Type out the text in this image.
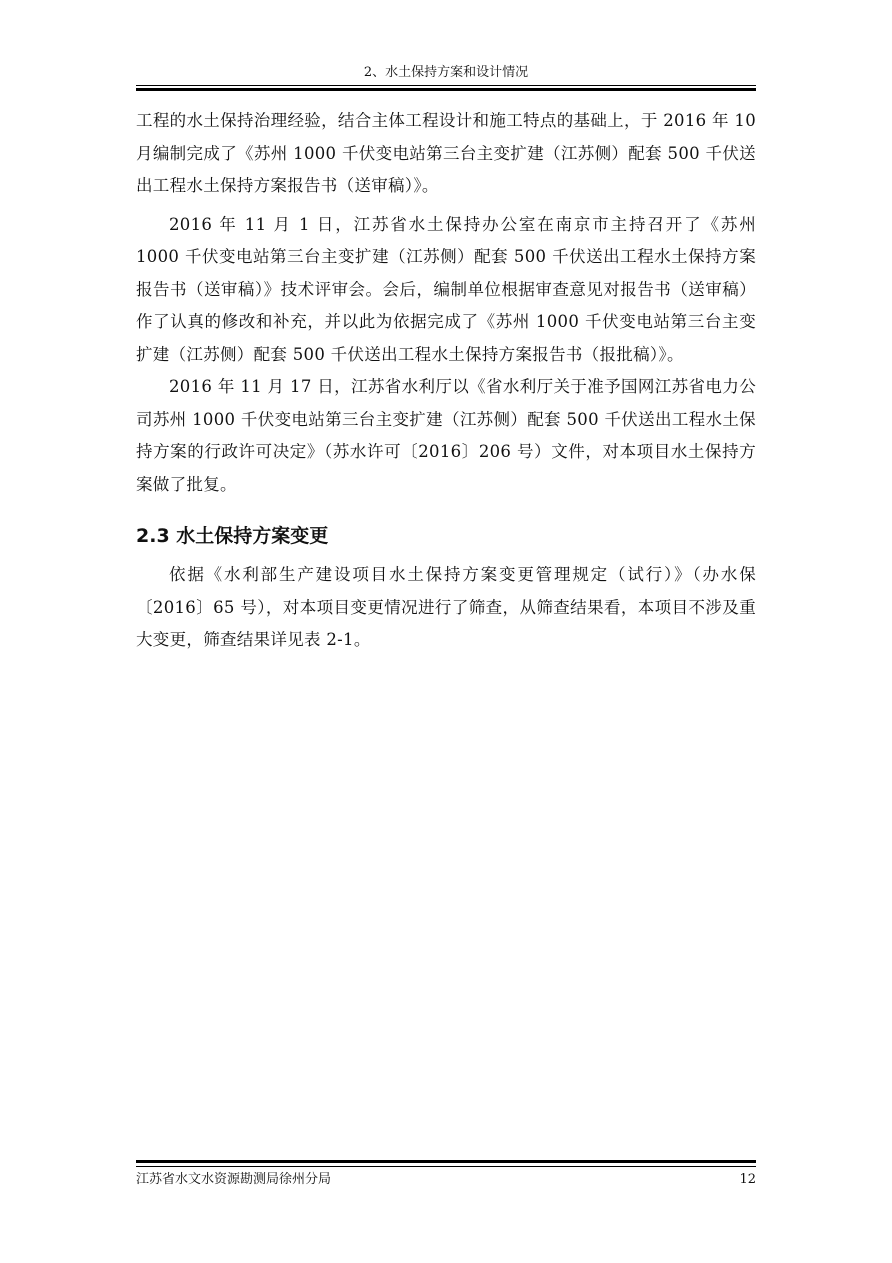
2、水土保持方案和设计情况

工程的水土保持治理经验，结合主体工程设计和施工特点的基础上，于 2016 年 10 月编制完成了《苏州 1000 千伏变电站第三台主变扩建（江苏侧）配套 500 千伏送出工程水土保持方案报告书（送审稿）》。

2016 年 11 月 1 日，江苏省水土保持办公室在南京市主持召开了《苏州 1000 千伏变电站第三台主变扩建（江苏侧）配套 500 千伏送出工程水土保持方案报告书（送审稿）》技术评审会。会后，编制单位根据审查意见对报告书（送审稿）作了认真的修改和补充，并以此为依据完成了《苏州 1000 千伏变电站第三台主变扩建（江苏侧）配套 500 千伏送出工程水土保持方案报告书（报批稿）》。

2016 年 11 月 17 日，江苏省水利厅以《省水利厅关于准予国网江苏省电力公司苏州 1000 千伏变电站第三台主变扩建（江苏侧）配套 500 千伏送出工程水土保持方案的行政许可决定》（苏水许可〔2016〕206 号）文件，对本项目水土保持方案做了批复。

2.3 水土保持方案变更

依据《水利部生产建设项目水土保持方案变更管理规定（试行）》（办水保〔2016〕65 号），对本项目变更情况进行了筛查，从筛查结果看，本项目不涉及重大变更，筛查结果详见表 2-1。

江苏省水文水资源勘测局徐州分局	12
